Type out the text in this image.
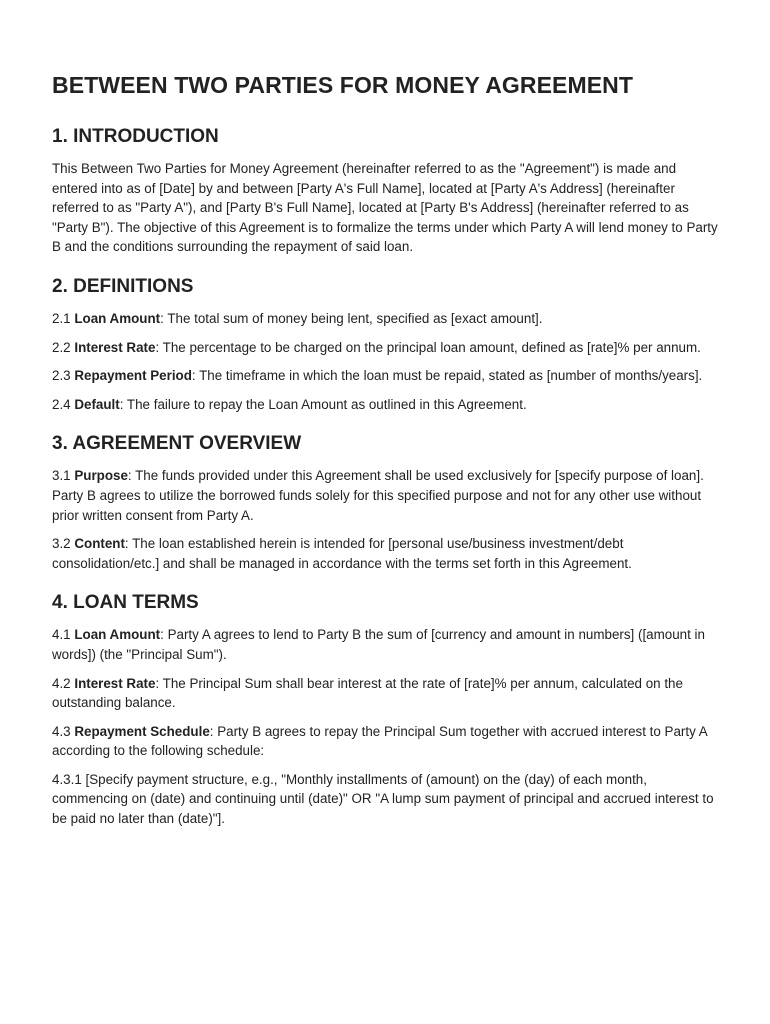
BETWEEN TWO PARTIES FOR MONEY AGREEMENT
1. INTRODUCTION

This Between Two Parties for Money Agreement (hereinafter referred to as the "Agreement") is made and entered into as of [Date] by and between [Party A's Full Name], located at [Party A's Address] (hereinafter referred to as "Party A"), and [Party B's Full Name], located at [Party B's Address] (hereinafter referred to as "Party B"). The objective of this Agreement is to formalize the terms under which Party A will lend money to Party B and the conditions surrounding the repayment of said loan.

2. DEFINITIONS

2.1 Loan Amount: The total sum of money being lent, specified as [exact amount].

2.2 Interest Rate: The percentage to be charged on the principal loan amount, defined as [rate]% per annum.

2.3 Repayment Period: The timeframe in which the loan must be repaid, stated as [number of months/years].

2.4 Default: The failure to repay the Loan Amount as outlined in this Agreement.

3. AGREEMENT OVERVIEW

3.1 Purpose: The funds provided under this Agreement shall be used exclusively for [specify purpose of loan]. Party B agrees to utilize the borrowed funds solely for this specified purpose and not for any other use without prior written consent from Party A.

3.2 Content: The loan established herein is intended for [personal use/business investment/debt consolidation/etc.] and shall be managed in accordance with the terms set forth in this Agreement.

4. LOAN TERMS

4.1 Loan Amount: Party A agrees to lend to Party B the sum of [currency and amount in numbers] ([amount in words]) (the "Principal Sum").

4.2 Interest Rate: The Principal Sum shall bear interest at the rate of [rate]% per annum, calculated on the outstanding balance.

4.3 Repayment Schedule: Party B agrees to repay the Principal Sum together with accrued interest to Party A according to the following schedule:

4.3.1 [Specify payment structure, e.g., "Monthly installments of (amount) on the (day) of each month, commencing on (date) and continuing until (date)" OR "A lump sum payment of principal and accrued interest to be paid no later than (date)"].
